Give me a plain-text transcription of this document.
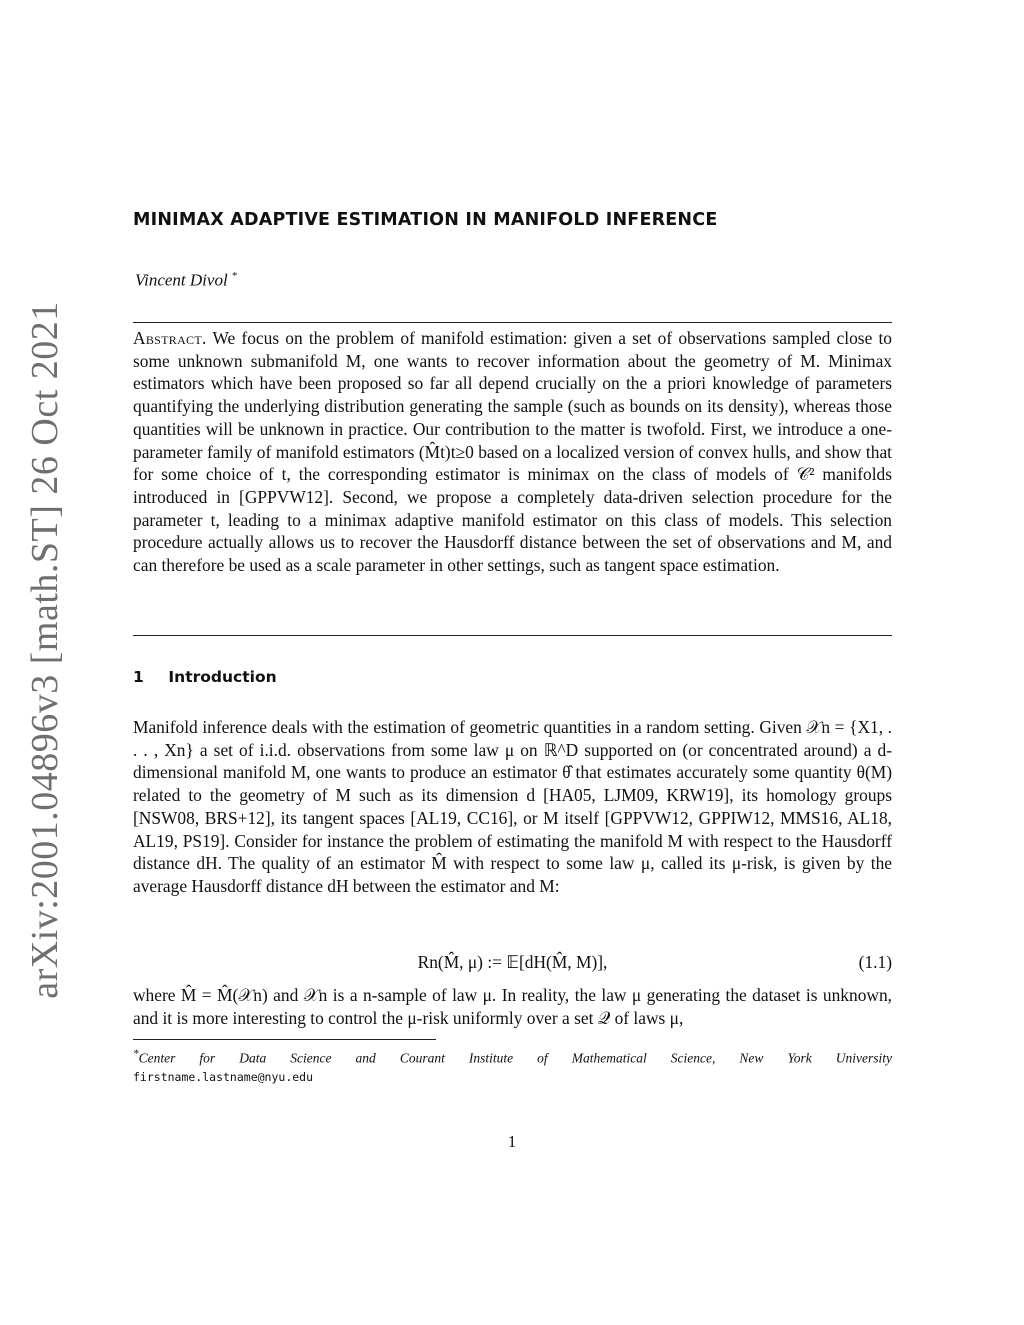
arXiv:2001.04896v3 [math.ST] 26 Oct 2021
MINIMAX ADAPTIVE ESTIMATION IN MANIFOLD INFERENCE
Vincent Divol *
Abstract. We focus on the problem of manifold estimation: given a set of observations sampled close to some unknown submanifold M, one wants to recover information about the geometry of M. Minimax estimators which have been proposed so far all depend crucially on the a priori knowledge of parameters quantifying the underlying distribution generating the sample (such as bounds on its density), whereas those quantities will be unknown in practice. Our contribution to the matter is twofold. First, we introduce a one-parameter family of manifold estimators (M̂t)t≥0 based on a localized version of convex hulls, and show that for some choice of t, the corresponding estimator is minimax on the class of models of 𝒞² manifolds introduced in [GPPVW12]. Second, we propose a completely data-driven selection procedure for the parameter t, leading to a minimax adaptive manifold estimator on this class of models. This selection procedure actually allows us to recover the Hausdorff distance between the set of observations and M, and can therefore be used as a scale parameter in other settings, such as tangent space estimation.
1 Introduction
Manifold inference deals with the estimation of geometric quantities in a random setting. Given 𝒳n = {X1, . . . , Xn} a set of i.i.d. observations from some law μ on ℝ^D supported on (or concentrated around) a d-dimensional manifold M, one wants to produce an estimator θ̂ that estimates accurately some quantity θ(M) related to the geometry of M such as its dimension d [HA05, LJM09, KRW19], its homology groups [NSW08, BRS+12], its tangent spaces [AL19, CC16], or M itself [GPPVW12, GPPIW12, MMS16, AL18, AL19, PS19]. Consider for instance the problem of estimating the manifold M with respect to the Hausdorff distance dH. The quality of an estimator M̂ with respect to some law μ, called its μ-risk, is given by the average Hausdorff distance dH between the estimator and M:
Rn(M̂, μ) := 𝔼[dH(M̂, M)],	(1.1)
where M̂ = M̂(𝒳n) and 𝒳n is a n-sample of law μ. In reality, the law μ generating the dataset is unknown, and it is more interesting to control the μ-risk uniformly over a set 𝒬 of laws μ,
*Center for Data Science and Courant Institute of Mathematical Science, New York University
firstname.lastname@nyu.edu
1
